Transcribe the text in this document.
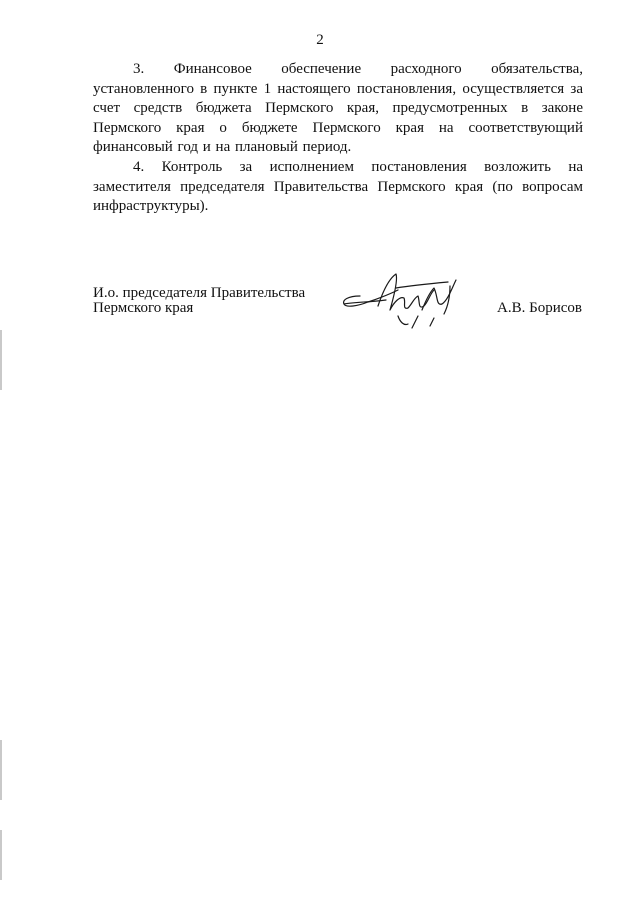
2

3. Финансовое обеспечение расходного обязательства, установленного в пункте 1 настоящего постановления, осуществляется за счет средств бюджета Пермского края, предусмотренных в законе Пермского края о бюджете Пермского края на соответствующий финансовый год и на плановый период.

4. Контроль за исполнением постановления возложить на заместителя председателя Правительства Пермского края (по вопросам инфраструктуры).

И.о. председателя Правительства
Пермского края	А.В. Борисов
